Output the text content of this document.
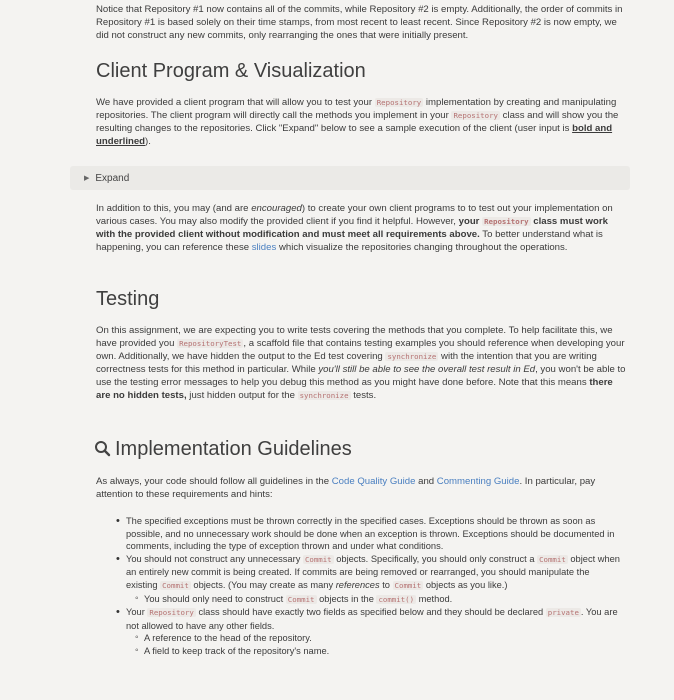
Notice that Repository #1 now contains all of the commits, while Repository #2 is empty. Additionally, the order of commits in Repository #1 is based solely on their time stamps, from most recent to least recent. Since Repository #2 is now empty, we did not construct any new commits, only rearranging the ones that were initially present.

Client Program & Visualization

We have provided a client program that will allow you to test your Repository implementation by creating and manipulating repositories. The client program will directly call the methods you implement in your Repository class and will show you the resulting changes to the repositories. Click "Expand" below to see a sample execution of the client (user input is bold and underlined).

▶ Expand

In addition to this, you may (and are encouraged) to create your own client programs to to test out your implementation on various cases. You may also modify the provided client if you find it helpful. However, your Repository class must work with the provided client without modification and must meet all requirements above. To better understand what is happening, you can reference these slides which visualize the repositories changing throughout the operations.

Testing

On this assignment, we are expecting you to write tests covering the methods that you complete. To help facilitate this, we have provided you RepositoryTest , a scaffold file that contains testing examples you should reference when developing your own. Additionally, we have hidden the output to the Ed test covering synchronize with the intention that you are writing correctness tests for this method in particular. While you'll still be able to see the overall test result in Ed, you won't be able to use the testing error messages to help you debug this method as you might have done before. Note that this means there are no hidden tests, just hidden output for the synchronize tests.

Implementation Guidelines

As always, your code should follow all guidelines in the Code Quality Guide and Commenting Guide. In particular, pay attention to these requirements and hints:

• The specified exceptions must be thrown correctly in the specified cases. Exceptions should be thrown as soon as possible, and no unnecessary work should be done when an exception is thrown. Exceptions should be documented in comments, including the type of exception thrown and under what conditions.
• You should not construct any unnecessary Commit objects. Specifically, you should only construct a Commit object when an entirely new commit is being created. If commits are being removed or rearranged, you should manipulate the existing Commit objects. (You may create as many references to Commit objects as you like.)
◦ You should only need to construct Commit objects in the commit() method.
• Your Repository class should have exactly two fields as specified below and they should be declared private . You are not allowed to have any other fields.
◦ A reference to the head of the repository.
◦ A field to keep track of the repository's name.
